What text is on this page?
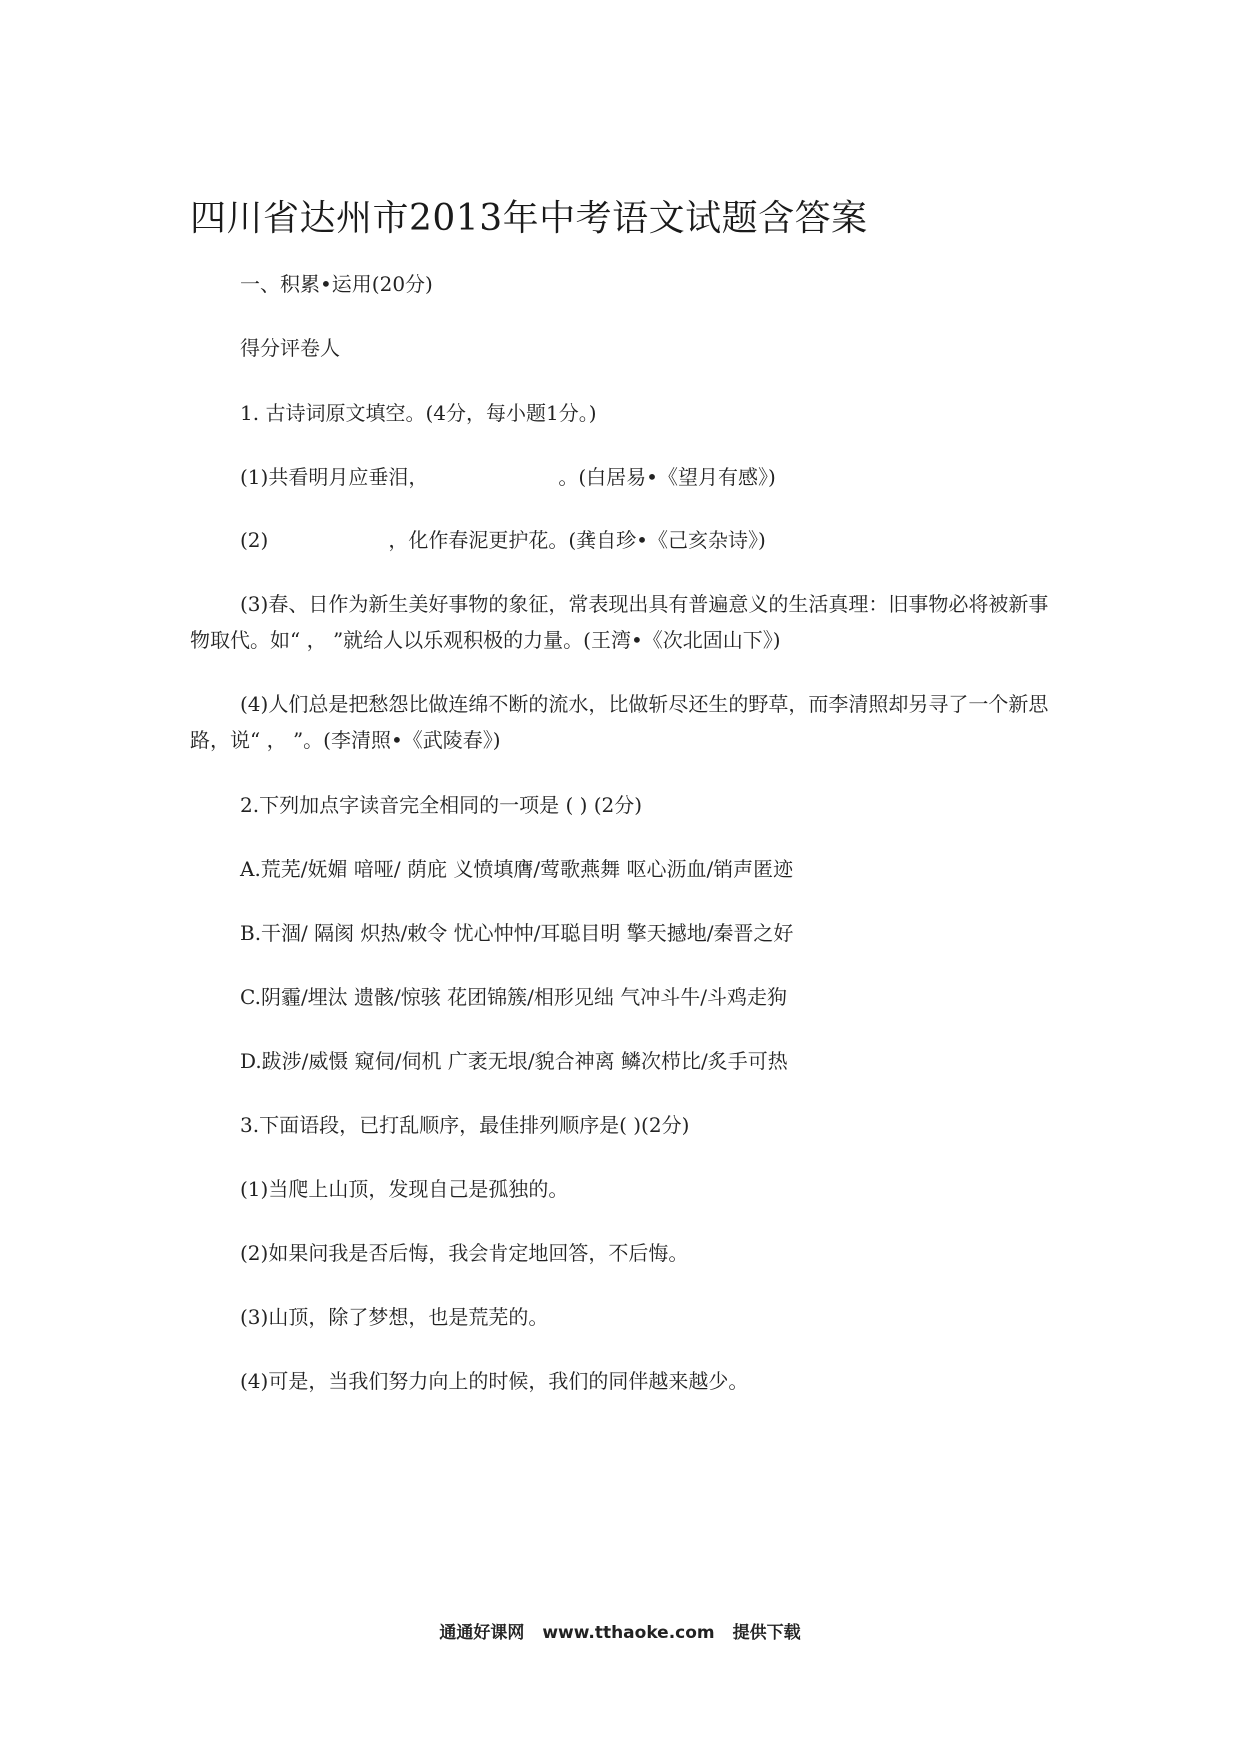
四川省达州市2013年中考语文试题含答案
一、积累•运用(20分)
得分评卷人
1. 古诗词原文填空。(4分，每小题1分。)
(1)共看明月应垂泪，	。(白居易•《望月有感》)
(2)	，化作春泥更护花。(龚自珍•《己亥杂诗》)
(3)春、日作为新生美好事物的象征，常表现出具有普遍意义的生活真理：旧事物必将被新事物取代。如“ ， ”就给人以乐观积极的力量。(王湾•《次北固山下》)
(4)人们总是把愁怨比做连绵不断的流水，比做斩尽还生的野草，而李清照却另寻了一个新思路，说“ ， ”。(李清照•《武陵春》)
2.下列加点字读音完全相同的一项是 ( ) (2分)
A.荒芜/妩媚 喑哑/ 荫庇 义愤填膺/莺歌燕舞 呕心沥血/销声匿迹
B.干涸/ 隔阂 炽热/敕令 忧心忡忡/耳聪目明 擎天撼地/秦晋之好
C.阴霾/埋汰 遗骸/惊骇 花团锦簇/相形见绌 气冲斗牛/斗鸡走狗
D.跋涉/威慑 窥伺/伺机 广袤无垠/貌合神离 鳞次栉比/炙手可热
3.下面语段，已打乱顺序，最佳排列顺序是( )(2分)
(1)当爬上山顶，发现自己是孤独的。
(2)如果问我是否后悔，我会肯定地回答，不后悔。
(3)山顶，除了梦想，也是荒芜的。
(4)可是，当我们努力向上的时候，我们的同伴越来越少。
通通好课网 www.tthaoke.com 提供下载
